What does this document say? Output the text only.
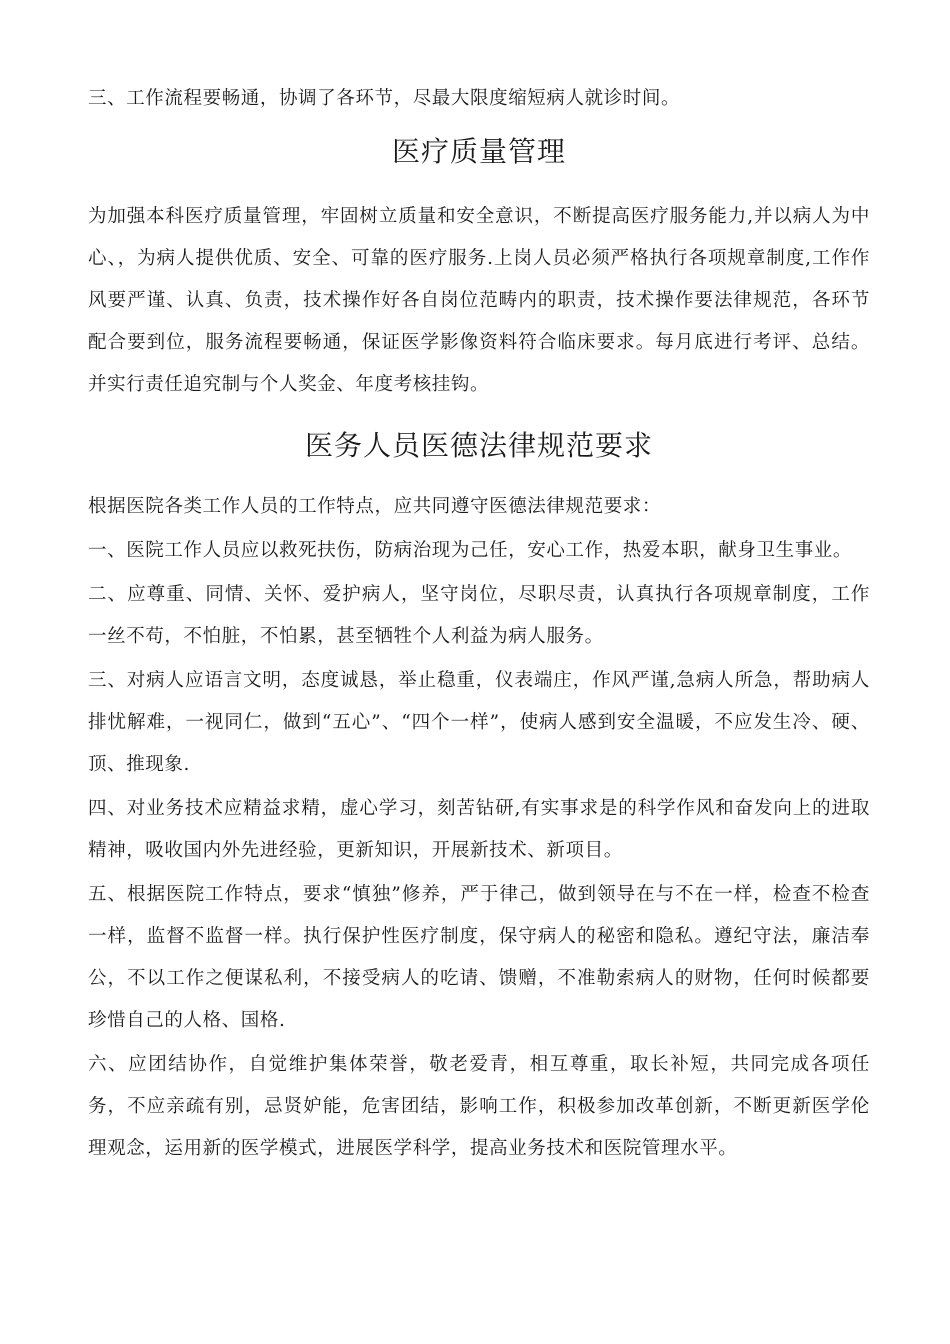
三、工作流程要畅通，协调了各环节，尽最大限度缩短病人就诊时间。

医疗质量管理

为加强本科医疗质量管理，牢固树立质量和安全意识，不断提高医疗服务能力,并以病人为中心、，为病人提供优质、安全、可靠的医疗服务.上岗人员必须严格执行各项规章制度,工作作风要严谨、认真、负责，技术操作好各自岗位范畴内的职责，技术操作要法律规范，各环节配合要到位，服务流程要畅通，保证医学影像资料符合临床要求。每月底进行考评、总结。并实行责任追究制与个人奖金、年度考核挂钩。

医务人员医德法律规范要求

根据医院各类工作人员的工作特点，应共同遵守医德法律规范要求：

一、医院工作人员应以救死扶伤，防病治现为己任，安心工作，热爱本职，献身卫生事业。

二、应尊重、同情、关怀、爱护病人，坚守岗位，尽职尽责，认真执行各项规章制度，工作一丝不苟，不怕脏，不怕累，甚至牺牲个人利益为病人服务。

三、对病人应语言文明，态度诚恳，举止稳重，仪表端庄，作风严谨,急病人所急，帮助病人排忧解难，一视同仁，做到“五心”、“四个一样”，使病人感到安全温暖，不应发生冷、硬、顶、推现象.

四、对业务技术应精益求精，虚心学习，刻苦钻研,有实事求是的科学作风和奋发向上的进取精神，吸收国内外先进经验，更新知识，开展新技术、新项目。

五、根据医院工作特点，要求“慎独”修养，严于律己，做到领导在与不在一样，检查不检查一样，监督不监督一样。执行保护性医疗制度，保守病人的秘密和隐私。遵纪守法，廉洁奉公，不以工作之便谋私利，不接受病人的吃请、馈赠，不准勒索病人的财物，任何时候都要珍惜自己的人格、国格.

六、应团结协作，自觉维护集体荣誉，敬老爱青，相互尊重，取长补短，共同完成各项任务，不应亲疏有别，忌贤妒能，危害团结，影响工作，积极参加改革创新，不断更新医学伦理观念，运用新的医学模式，进展医学科学，提高业务技术和医院管理水平。
